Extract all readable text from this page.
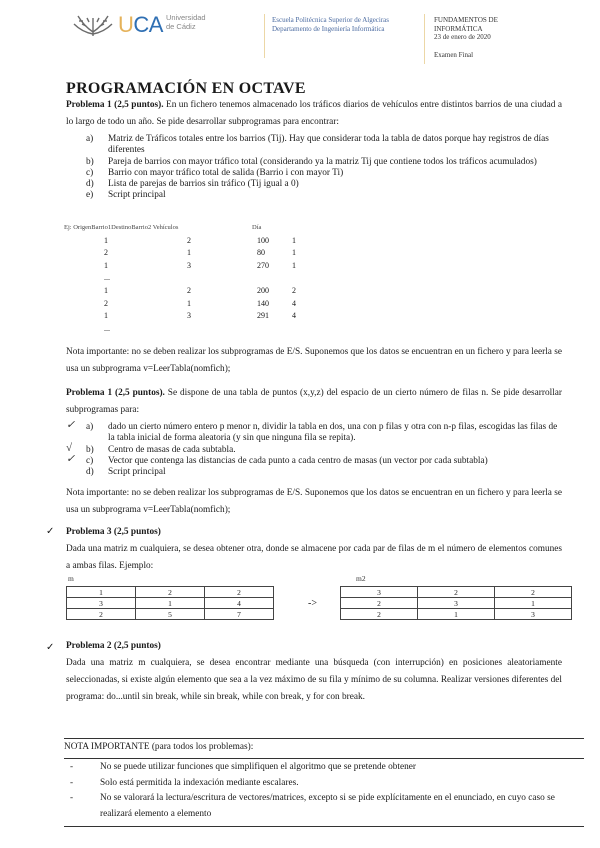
UCA Universidad
de Cádiz
Escuela Politécnica Superior de Algeciras
Departamento de Ingeniería Informática
FUNDAMENTOS DE
INFORMÁTICA
23 de enero de 2020
Examen Final
PROGRAMACIÓN EN OCTAVE
Problema 1 (2,5 puntos). En un fichero tenemos almacenado los tráficos diarios de vehículos entre distintos barrios de una ciudad a lo largo de todo un año. Se pide desarrollar subprogramas para encontrar:
a)	Matriz de Tráficos totales entre los barrios (Tij). Hay que considerar toda la tabla de datos porque hay registros de días diferentes
b)	Pareja de barrios con mayor tráfico total (considerando ya la matriz Tij que contiene todos los tráficos acumulados)
c)	Barrio con mayor tráfico total de salida (Barrio i con mayor Ti)
d)	Lista de parejas de barrios sin tráfico (Tij igual a 0)
e)	Script principal
Ej: OrigenBarrio1DestinoBarrio2 Vehículos	Día
1	2	100	1
2	1	80	1
1	3	270	1
...
1	2	200	2
2	1	140	4
1	3	291	4
...
Nota importante: no se deben realizar los subprogramas de E/S. Suponemos que los datos se encuentran en un fichero y para leerla se usa un subprograma v=LeerTabla(nomfich);
Problema 1 (2,5 puntos). Se dispone de una tabla de puntos (x,y,z) del espacio de un cierto número de filas n. Se pide desarrollar subprogramas para:
✓ a)	dado un cierto número entero p menor n, dividir la tabla en dos, una con p filas y otra con n-p filas, escogidas las filas de la tabla inicial de forma aleatoria (y sin que ninguna fila se repita).
√ b)	Centro de masas de cada subtabla.
✓ c)	Vector que contenga las distancias de cada punto a cada centro de masas (un vector por cada subtabla)
d)	Script principal
Nota importante: no se deben realizar los subprogramas de E/S. Suponemos que los datos se encuentran en un fichero y para leerla se usa un subprograma v=LeerTabla(nomfich);
✓ Problema 3 (2,5 puntos)
Dada una matriz m cualquiera, se desea obtener otra, donde se almacene por cada par de filas de m el número de elementos comunes a ambas filas. Ejemplo:
m
1	2	2
3	1	4
2	5	7
->
m2
3	2	2
2	3	1
2	1	3
✓ Problema 2 (2,5 puntos)
Dada una matriz m cualquiera, se desea encontrar mediante una búsqueda (con interrupción) en posiciones aleatoriamente seleccionadas, si existe algún elemento que sea a la vez máximo de su fila y mínimo de su columna. Realizar versiones diferentes del programa: do...until sin break, while sin break, while con break, y for con break.
NOTA IMPORTANTE (para todos los problemas):
-	No se puede utilizar funciones que simplifiquen el algoritmo que se pretende obtener
-	Solo está permitida la indexación mediante escalares.
-	No se valorará la lectura/escritura de vectores/matrices, excepto si se pide explícitamente en el enunciado, en cuyo caso se realizará elemento a elemento
